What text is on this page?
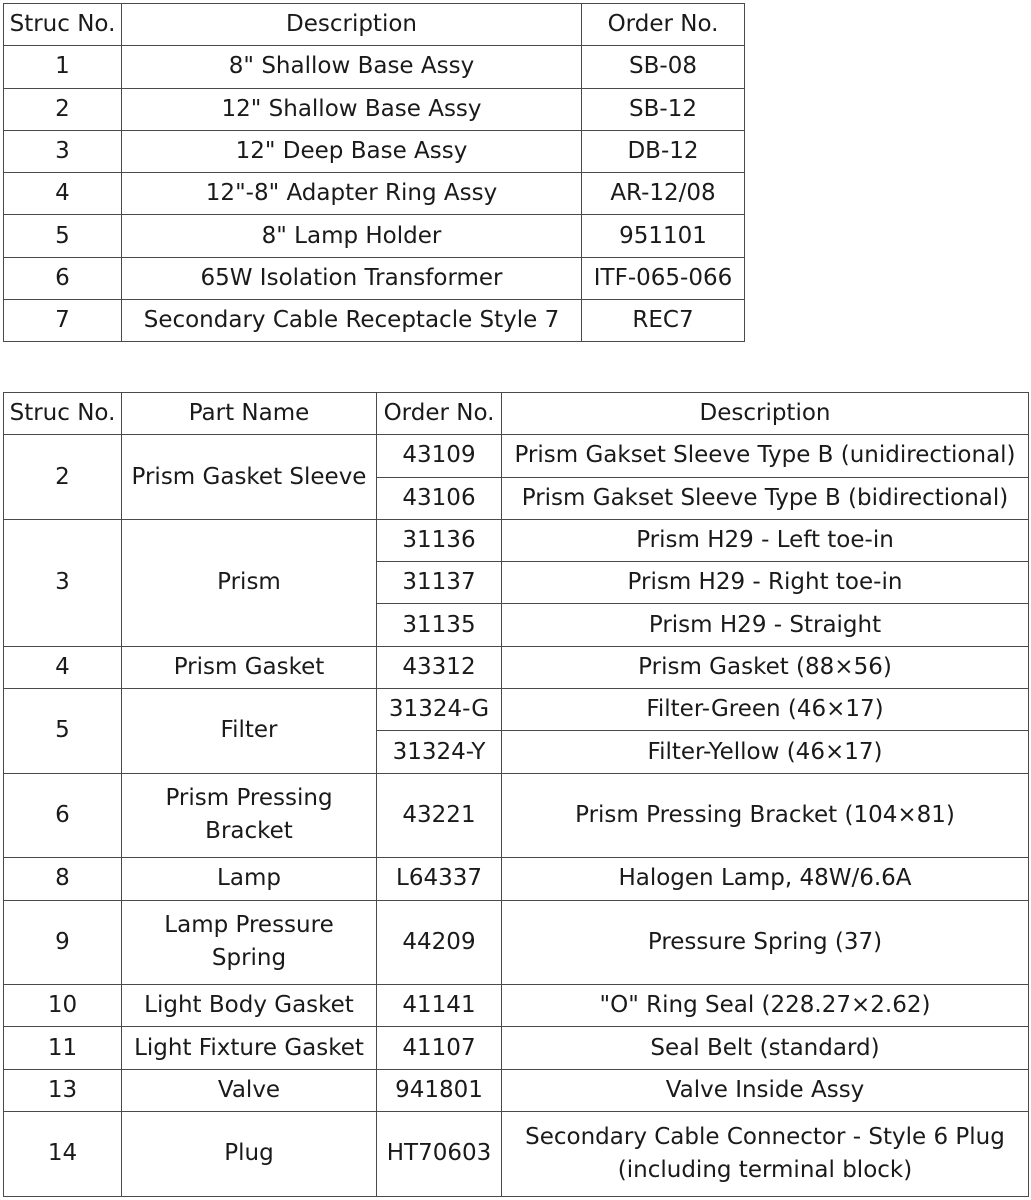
Struc No.	Description	Order No.
1	8" Shallow Base Assy	SB-08
2	12" Shallow Base Assy	SB-12
3	12" Deep Base Assy	DB-12
4	12"-8" Adapter Ring Assy	AR-12/08
5	8" Lamp Holder	951101
6	65W Isolation Transformer	ITF-065-066
7	Secondary Cable Receptacle Style 7	REC7
Struc No.	Part Name	Order No.	Description
2	Prism Gasket Sleeve	43109	Prism Gakset Sleeve Type B (unidirectional)
		43106	Prism Gakset Sleeve Type B (bidirectional)
3	Prism	31136	Prism H29 - Left toe-in
		31137	Prism H29 - Right toe-in
		31135	Prism H29 - Straight
4	Prism Gasket	43312	Prism Gasket (88×56)
5	Filter	31324-G	Filter-Green (46×17)
		31324-Y	Filter-Yellow (46×17)
6	Prism Pressing Bracket	43221	Prism Pressing Bracket (104×81)
8	Lamp	L64337	Halogen Lamp, 48W/6.6A
9	Lamp Pressure Spring	44209	Pressure Spring (37)
10	Light Body Gasket	41141	"O" Ring Seal (228.27×2.62)
11	Light Fixture Gasket	41107	Seal Belt (standard)
13	Valve	941801	Valve Inside Assy
14	Plug	HT70603	Secondary Cable Connector - Style 6 Plug (including terminal block)
